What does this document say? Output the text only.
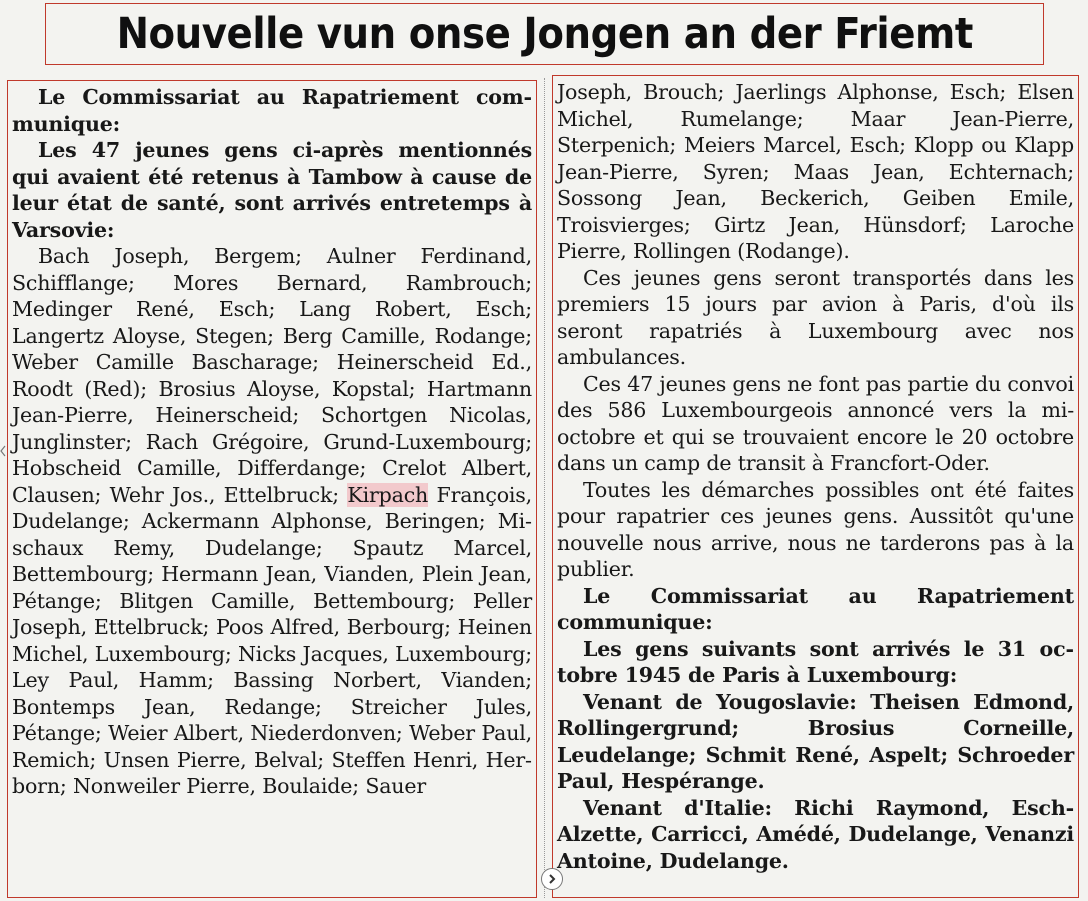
Nouvelle vun onse Jongen an der Friemt

Le Commissariat au Rapatriement communique:

Les 47 jeunes gens ci-après mentionnés qui avaient été retenus à Tambow à cause de leur état de santé, sont arrivés entretemps à Varsovie:

Bach Joseph, Bergem; Aulner Ferdinand, Schifflange; Mores Bernard, Rambrouch; Medinger René, Esch; Lang Robert, Esch; Langertz Aloyse, Stegen; Berg Camille, Rodange; Weber Camille Bascharage; Heinerscheid Ed., Roodt (Red); Brosius Aloyse, Kopstal; Hartmann Jean-Pierre, Heinerscheid; Schortgen Nicolas, Junglinster; Rach Grégoire, Grund-Luxembourg; Hobscheid Camille, Differdange; Crelot Albert, Clausen; Wehr Jos., Ettelbruck; Kirpach François, Dudelange; Ackermann Alphonse, Beringen; Mischaux Remy, Dudelange; Spautz Marcel, Bettembourg; Hermann Jean, Vianden, Plein Jean, Pétange; Blitgen Camille, Bettembourg; Peller Joseph, Ettelbruck; Poos Alfred, Berbourg; Heinen Michel, Luxembourg; Nicks Jacques, Luxembourg; Ley Paul, Hamm; Bassing Norbert, Vianden; Bontemps Jean, Redange; Streicher Jules, Pétange; Weier Albert, Niederdonven; Weber Paul, Remich; Unsen Pierre, Belval; Steffen Henri, Herborn; Nonweiler Pierre, Boulaide; Sauer

Joseph, Brouch; Jaerlings Alphonse, Esch; Elsen Michel, Rumelange; Maar Jean-Pierre, Sterpenich; Meiers Marcel, Esch; Klopp ou Klapp Jean-Pierre, Syren; Maas Jean, Echternach; Sossong Jean, Beckerich, Geiben Emile, Troisvierges; Girtz Jean, Hünsdorf; Laroche Pierre, Rollingen (Rodange).

Ces jeunes gens seront transportés dans les premiers 15 jours par avion à Paris, d'où ils seront rapatriés à Luxembourg avec nos ambulances.

Ces 47 jeunes gens ne font pas partie du convoi des 586 Luxembourgeois annoncé vers la mi-octobre et qui se trouvaient encore le 20 octobre dans un camp de transit à Francfort-Oder.

Toutes les démarches possibles ont été faites pour rapatrier ces jeunes gens. Aussitôt qu'une nouvelle nous arrive, nous ne tarderons pas à la publier.

Le Commissariat au Rapatriement communique:

Les gens suivants sont arrivés le 31 octobre 1945 de Paris à Luxembourg:

Venant de Yougoslavie: Theisen Edmond, Rollingergrund; Brosius Corneille, Leudelange; Schmit René, Aspelt; Schroeder Paul, Hespérange.

Venant d'Italie: Richi Raymond, Esch-Alzette, Carricci, Amédé, Dudelange, Venanzi Antoine, Dudelange.
